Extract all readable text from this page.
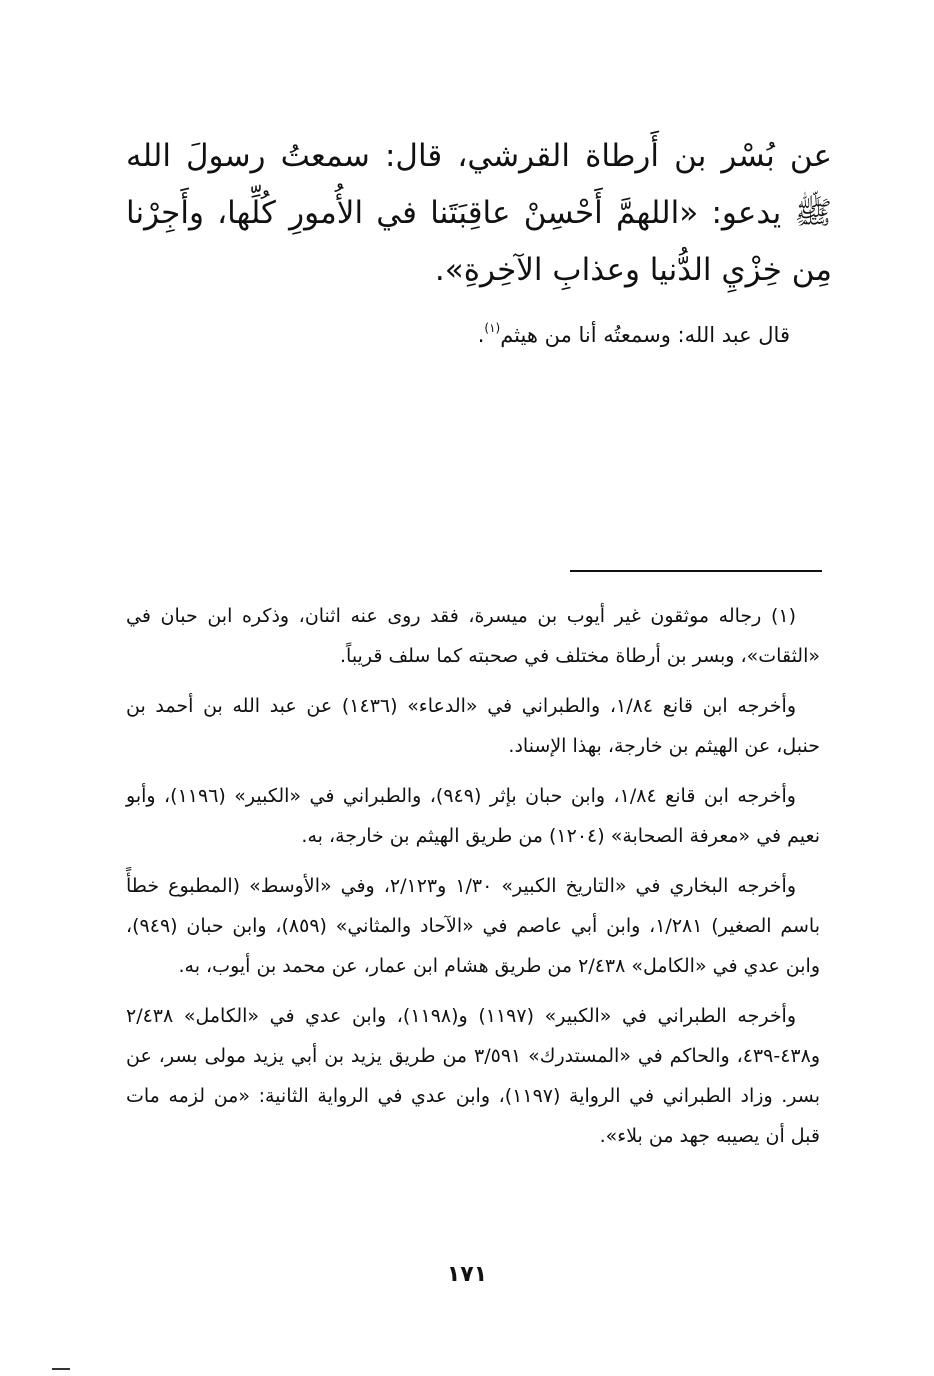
عن بُسْر بن أَرطاة القرشي، قال: سمعتُ رسولَ الله ﷺ يدعو: «اللهمَّ أَحْسِنْ عاقِبَتَنا في الأُمورِ كُلِّها، وأَجِرْنا مِن خِزْيِ الدُّنيا وعذابِ الآخِرةِ».

قال عبد الله: وسمعتُه أنا من هيثم$^{(١)}$.

(١) رجاله موثقون غير أيوب بن ميسرة، فقد روى عنه اثنان، وذكره ابن حبان في «الثقات»، وبسر بن أرطاة مختلف في صحبته كما سلف قريباً.

وأخرجه ابن قانع ١/٨٤، والطبراني في «الدعاء» (١٤٣٦) عن عبد الله بن أحمد بن حنبل، عن الهيثم بن خارجة، بهذا الإسناد.

وأخرجه ابن قانع ١/٨٤، وابن حبان بإثر (٩٤٩)، والطبراني في «الكبير» (١١٩٦)، وأبو نعيم في «معرفة الصحابة» (١٢٠٤) من طريق الهيثم بن خارجة، به.

وأخرجه البخاري في «التاريخ الكبير» ١/٣٠ و٢/١٢٣، وفي «الأوسط» (المطبوع خطأً باسم الصغير) ١/٢٨١، وابن أبي عاصم في «الآحاد والمثاني» (٨٥٩)، وابن حبان (٩٤٩)، وابن عدي في «الكامل» ٢/٤٣٨ من طريق هشام ابن عمار، عن محمد بن أيوب، به.

وأخرجه الطبراني في «الكبير» (١١٩٧) و(١١٩٨)، وابن عدي في «الكامل» ٢/٤٣٨ و٤٣٨-٤٣٩، والحاكم في «المستدرك» ٣/٥٩١ من طريق يزيد بن أبي يزيد مولى بسر، عن بسر. وزاد الطبراني في الرواية (١١٩٧)، وابن عدي في الرواية الثانية: «من لزمه مات قبل أن يصيبه جهد من بلاء».

١٧١
